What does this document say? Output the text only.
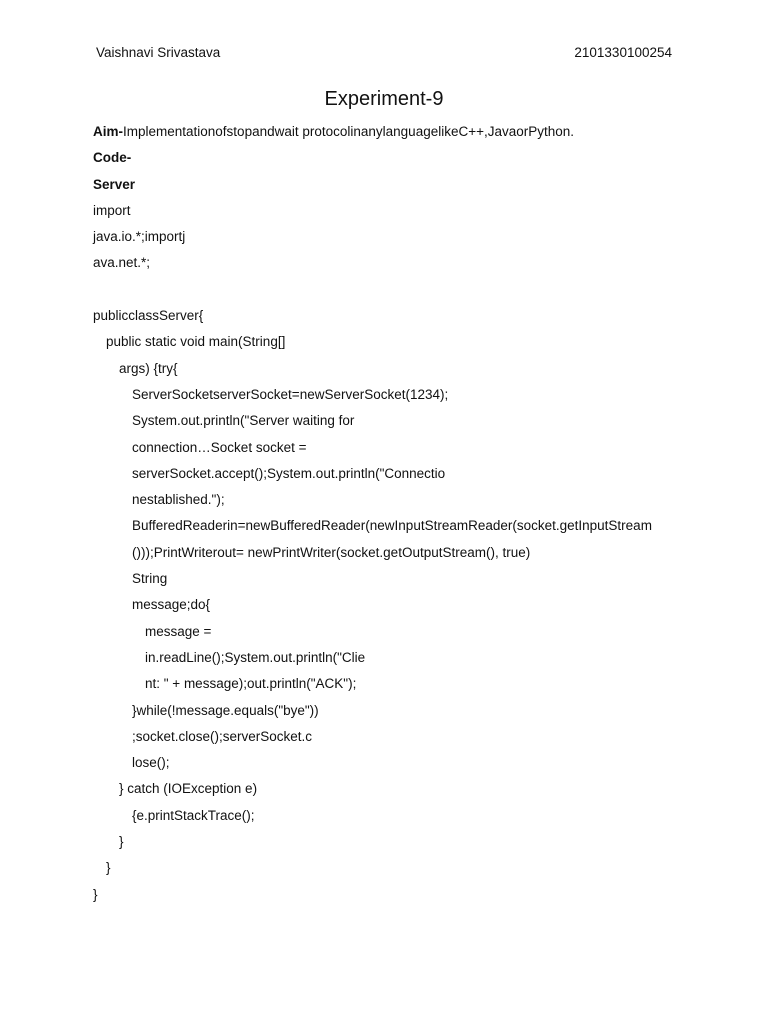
Vaishnavi Srivastava	2101330100254
Experiment-9
Aim-Implementationofstopandwait protocolinanylanguagelikeC++,JavaorPython.
Code-
Server
import
java.io.*;importj
ava.net.*;
publicclassServer{
public static void main(String[]
args) {try{
ServerSocketserverSocket=newServerSocket(1234);
System.out.println("Server waiting for
connection…Socket socket =
serverSocket.accept();System.out.println("Connectio
nestablished.");
BufferedReaderin=newBufferedReader(newInputStreamReader(socket.getInputStream
()));PrintWriterout= newPrintWriter(socket.getOutputStream(), true)
String
message;do{
message =
in.readLine();System.out.println("Clie
nt: " + message);out.println("ACK");
}while(!message.equals("bye"))
;socket.close();serverSocket.c
lose();
} catch (IOException e)
{e.printStackTrace();
}
}
}
